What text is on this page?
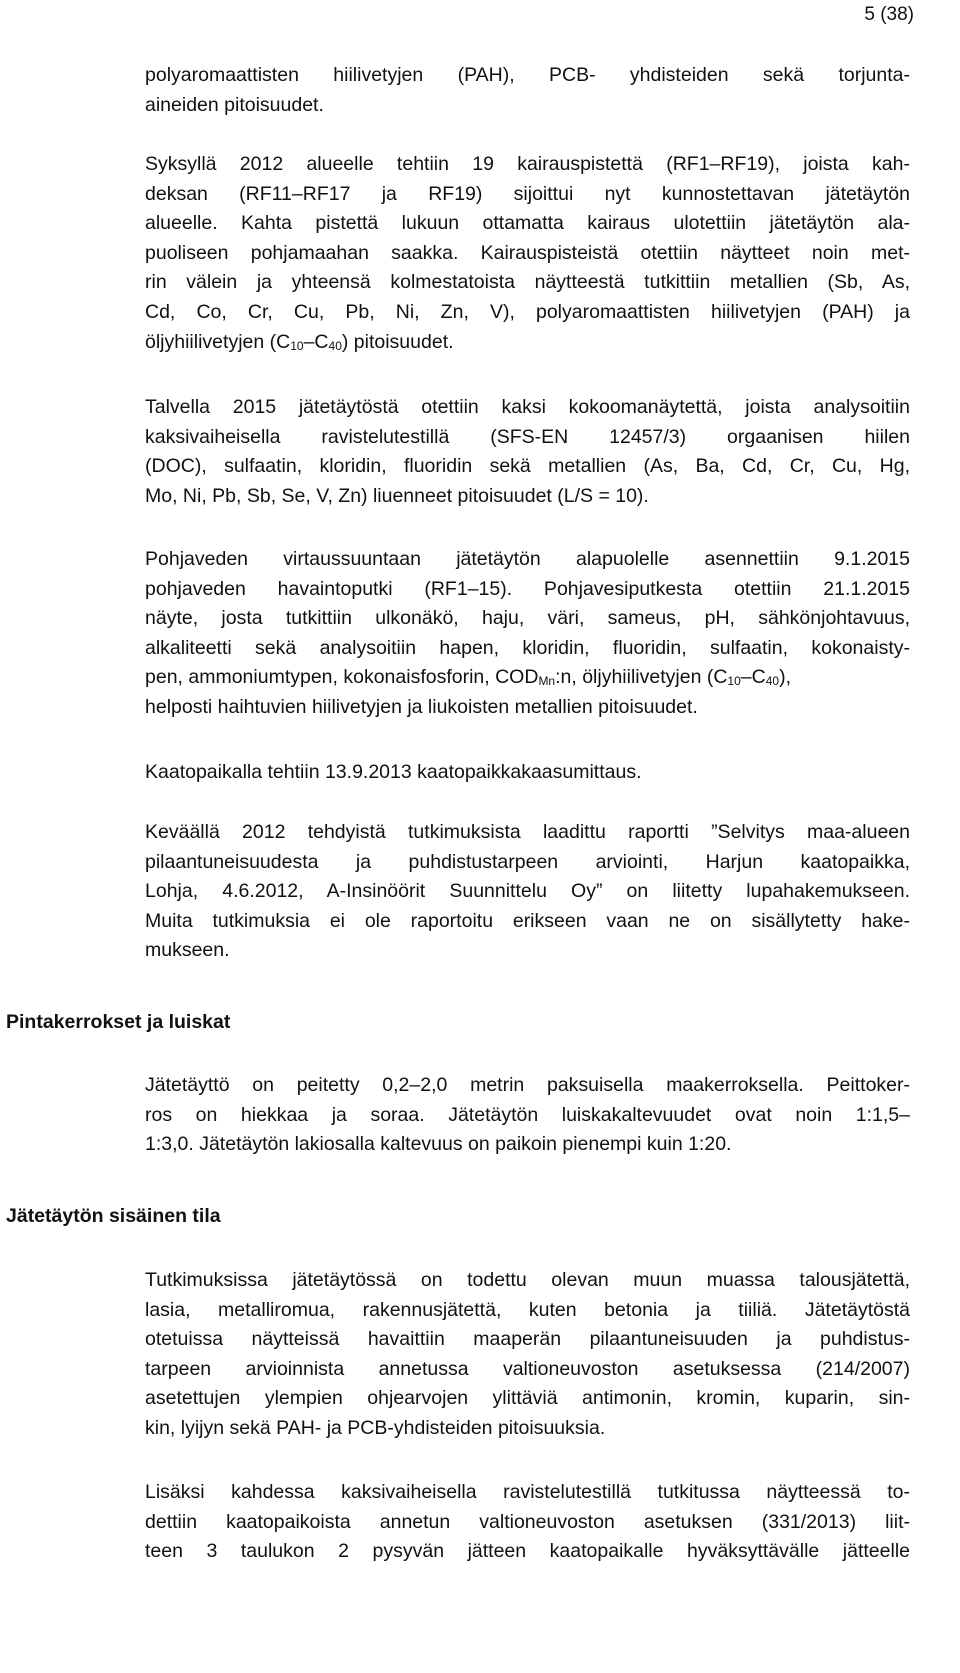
5 (38)
polyaromaattisten hiilivetyjen (PAH), PCB- yhdisteiden sekä torjunta-
aineiden pitoisuudet.
Syksyllä 2012 alueelle tehtiin 19 kairauspistettä (RF1–RF19), joista kah-
deksan (RF11–RF17 ja RF19) sijoittui nyt kunnostettavan jätetäytön
alueelle. Kahta pistettä lukuun ottamatta kairaus ulotettiin jätetäytön ala-
puoliseen pohjamaahan saakka. Kairauspisteistä otettiin näytteet noin met-
rin välein ja yhteensä kolmestatoista näytteestä tutkittiin metallien (Sb, As,
Cd, Co, Cr, Cu, Pb, Ni, Zn, V), polyaromaattisten hiilivetyjen (PAH) ja
öljyhiilivetyjen $(C_{10}-C_{40})$ pitoisuudet.
Talvella 2015 jätetäytöstä otettiin kaksi kokoomanäytettä, joista analysoitiin
kaksivaiheisella ravistelutestillä (SFS-EN 12457/3) orgaanisen hiilen
(DOC), sulfaatin, kloridin, fluoridin sekä metallien (As, Ba, Cd, Cr, Cu, Hg,
Mo, Ni, Pb, Sb, Se, V, Zn) liuenneet pitoisuudet (L/S = 10).
Pohjaveden virtaussuuntaan jätetäytön alapuolelle asennettiin 9.1.2015
pohjaveden havaintoputki (RF1–15). Pohjavesiputkesta otettiin 21.1.2015
näyte, josta tutkittiin ulkonäkö, haju, väri, sameus, pH, sähkönjohtavuus,
alkaliteetti sekä analysoitiin hapen, kloridin, fluoridin, sulfaatin, kokonaisty-
pen, ammoniumtypen, kokonaisfosforin, $COD_{Mn}:n$, öljyhiilivetyjen $(C_{10}-C_{40})$,
helposti haihtuvien hiilivetyjen ja liukoisten metallien pitoisuudet.
Kaatopaikalla tehtiin 13.9.2013 kaatopaikkakaasumittaus.
Keväällä 2012 tehdyistä tutkimuksista laadittu raportti ”Selvitys maa-alueen
pilaantuneisuudesta ja puhdistustarpeen arviointi, Harjun kaatopaikka,
Lohja, 4.6.2012, A-Insinöörit Suunnittelu Oy” on liitetty lupahakemukseen.
Muita tutkimuksia ei ole raportoitu erikseen vaan ne on sisällytetty hake-
mukseen.
Pintakerrokset ja luiskat
Jätetäyttö on peitetty 0,2–2,0 metrin paksuisella maakerroksella. Peittoker-
ros on hiekkaa ja soraa. Jätetäytön luiskakaltevuudet ovat noin 1:1,5–
1:3,0. Jätetäytön lakiosalla kaltevuus on paikoin pienempi kuin 1:20.
Jätetäytön sisäinen tila
Tutkimuksissa jätetäytössä on todettu olevan muun muassa talousjätettä,
lasia, metalliromua, rakennusjätettä, kuten betonia ja tiiliä. Jätetäytöstä
otetuissa näytteissä havaittiin maaperän pilaantuneisuuden ja puhdistus-
tarpeen arvioinnista annetussa valtioneuvoston asetuksessa (214/2007)
asetettujen ylempien ohjearvojen ylittäviä antimonin, kromin, kuparin, sin-
kin, lyijyn sekä PAH- ja PCB-yhdisteiden pitoisuuksia.
Lisäksi kahdessa kaksivaiheisella ravistelutestillä tutkitussa näytteessä to-
dettiin kaatopaikoista annetun valtioneuvoston asetuksen (331/2013) liit-
teen 3 taulukon 2 pysyvän jätteen kaatopaikalle hyväksyttävälle jätteelle
